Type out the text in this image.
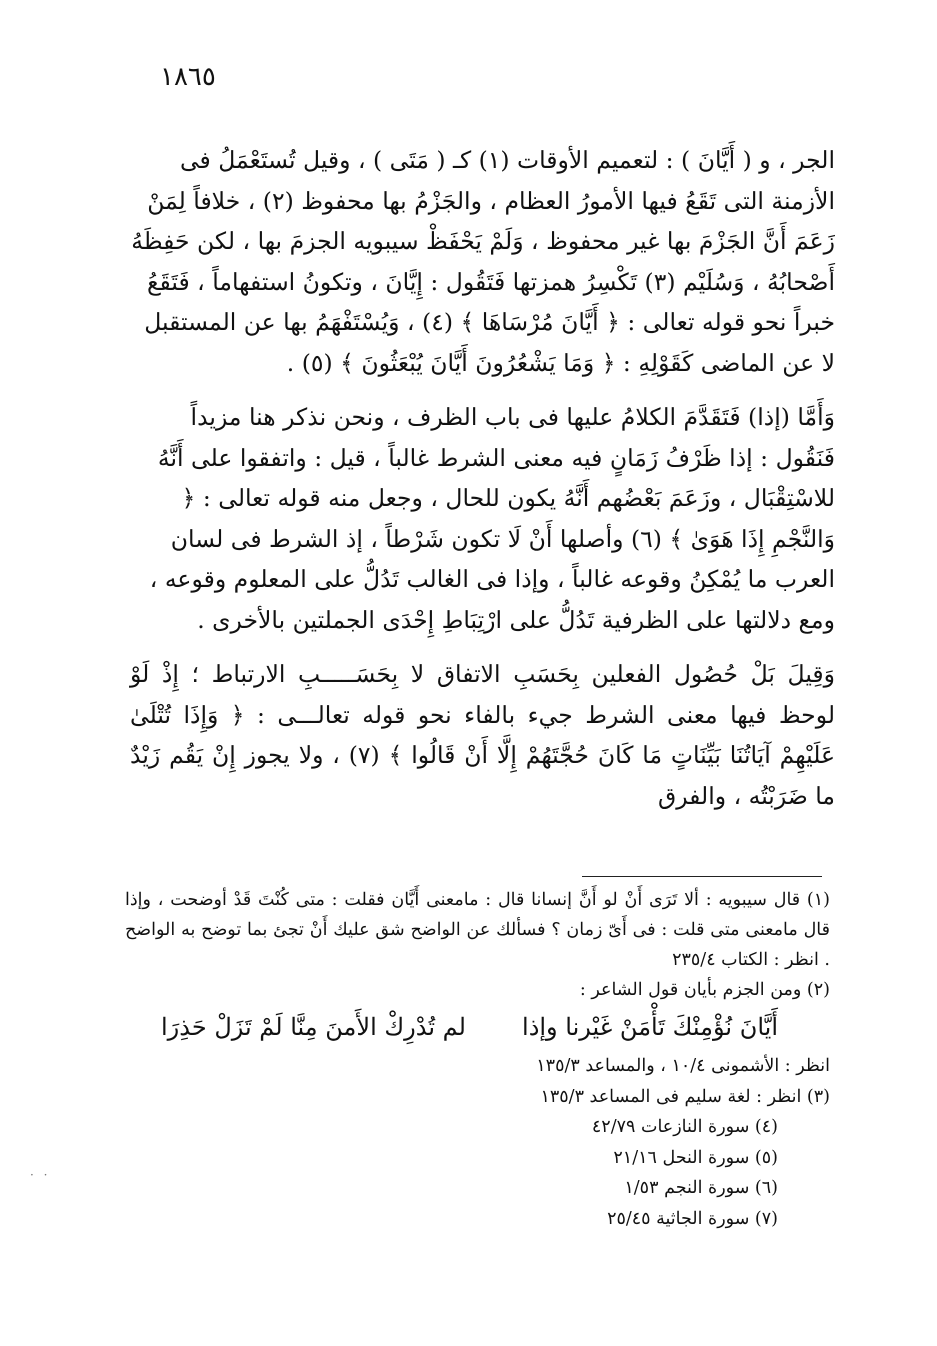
١٨٦٥

الجر ، و ( أَيَّانَ ) : لتعميم الأوقات (١) كـ ( مَتَى ) ، وقيل تُستَعْمَلُ فى الأزمنة التى تَقَعُ فيها الأمورُ العظام ، والجَزْمُ بها محفوظ (٢) ، خلافاً لِمَنْ زَعَمَ أَنَّ الجَزْمَ بها غير محفوظ ، وَلَمْ يَحْفَظْ سيبويه الجزمَ بها ، لكن حَفِظَهُ أَصْحابُهُ ، وَسُلَيْم (٣) تَكْسِرُ همزتها فَتَقُول : إِيَّانَ ، وتكونُ استفهاماً ، فَتَقَعُ خبراً نحو قوله تعالى : ﴿ أَيَّانَ مُرْسَاهَا ﴾ (٤) ، وَيُسْتَفْهَمُ بها عن المستقبل لا عن الماضى كَقَوْلِهِ : ﴿ وَمَا يَشْعُرُونَ أَيَّانَ يُبْعَثُونَ ﴾ (٥) .

وَأَمَّا (إذا) فَتَقَدَّمَ الكلامُ عليها فى باب الظرف ، ونحن نذكر هنا مزيداً فَنَقُول : إذا ظَرْفُ زَمَانٍ فيه معنى الشرط غالباً ، قيل : واتفقوا على أَنَّهُ للاسْتِقْبَال ، وزَعَمَ بَعْضُهم أَنَّهُ يكون للحال ، وجعل منه قوله تعالى : ﴿ وَالنَّجْمِ إِذَا هَوَىٰ ﴾ (٦) وأصلها أَنْ لَا تكون شَرْطاً ، إذ الشرط فى لسان العرب ما يُمْكِنُ وقوعه غالباً ، وإذا فى الغالب تَدُلُّ على المعلوم وقوعه ، ومع دلالتها على الظرفية تَدُلُّ على ارْتِبَاطِ إِحْدَى الجملتين بالأخرى .

وَقِيلَ بَلْ حُصُول الفعلين بِحَسَبِ الاتفاق لا بِحَسَـــــبِ الارتباط ؛ إِذْ لَوْ لوحظ فيها معنى الشرط جيء بالفاء نحو قوله تعالـــى : ﴿ وَإِذَا تُتْلَىٰ عَلَيْهِمْ آيَاتُنَا بَيِّنَاتٍ مَا كَانَ حُجَّتَهُمْ إِلَّا أَنْ قَالُوا ﴾ (٧) ، ولا يجوز إِنْ يَقُم زَيْدٌ ما ضَرَبْتُه ، والفرق

(١) قال سيبويه : ألا تَرَى أَنْ لو أَنَّ إنسانا قال : مامعنى أَيَّان فقلت : متى كُنْتَ قَدْ أوضحت ، وإذا قال مامعنى متى قلت : فى أَىّ زمان ؟ فسألك عن الواضح شق عليك أَنْ تجئ بما توضح به الواضح . انظر : الكتاب ٢٣٥/٤

(٢) ومن الجزم بأيان قول الشاعر :

أَيَّانَ نُؤْمِنْكَ تَأْمَنْ غَيْرنا وإذا
لم تُدْرِكْ الأَمنَ مِنَّا لَمْ تَزَلْ حَذِرَا

انظر : الأشمونى ١٠/٤ ، والمساعد ١٣٥/٣

(٣) انظر : لغة سليم فى المساعد ١٣٥/٣

(٤) سورة النازعات ٤٢/٧٩

(٥) سورة النحل ٢١/١٦

(٦) سورة النجم ١/٥٣

(٧) سورة الجاثية ٢٥/٤٥

· ·
